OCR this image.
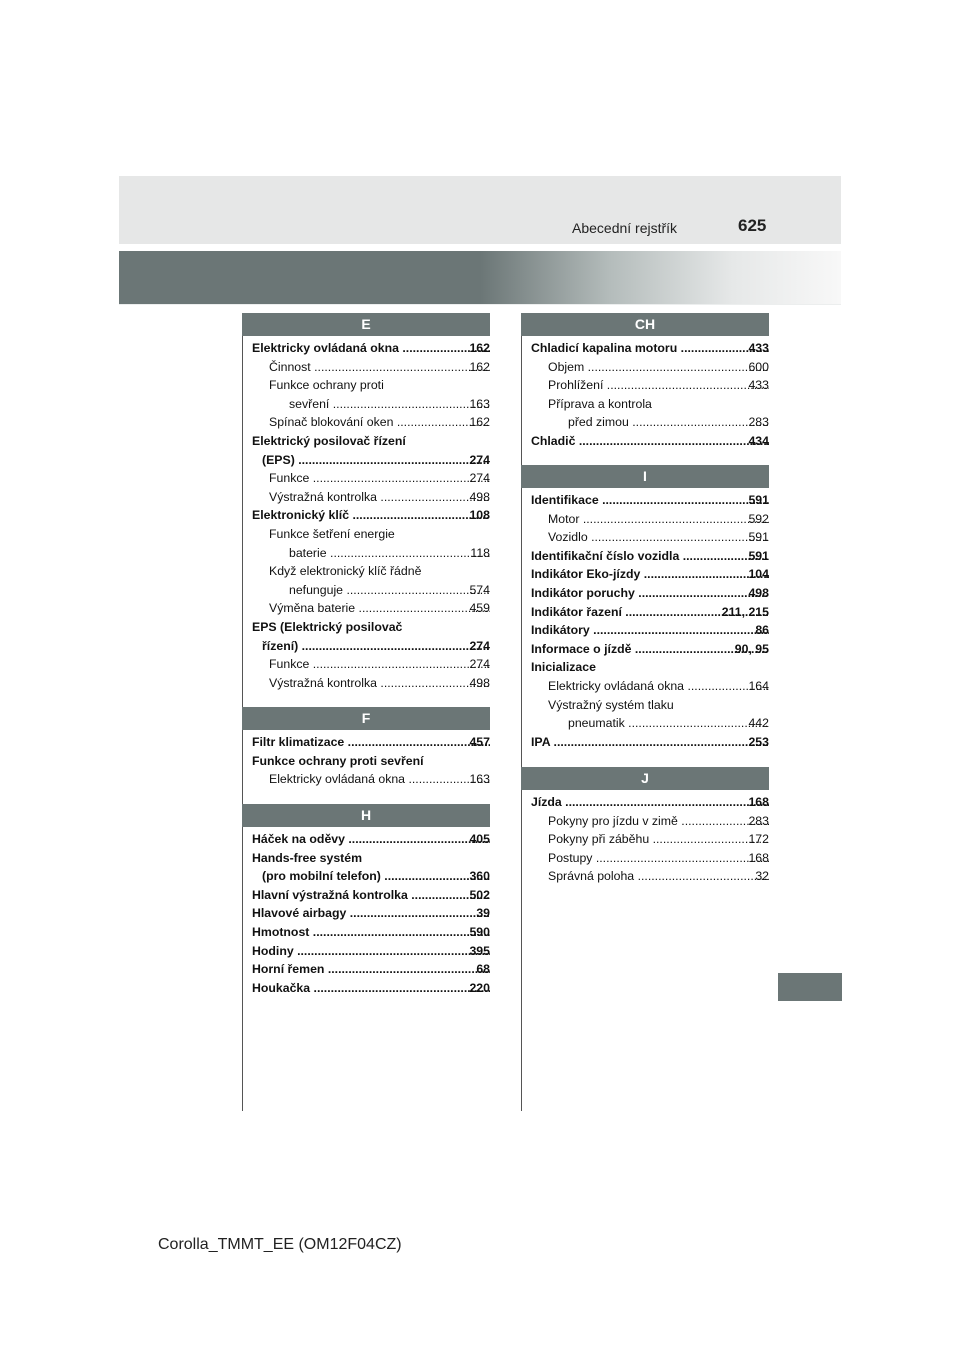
Abecední rejstřík	625
E
162
Elektricky ovládaná okna .....
162
Činnost .....
Funkce ochrany proti
163
sevření .....
162
Spínač blokování oken .....
Elektrický posilovač řízení
274
(EPS) .....
274
Funkce .....
498
Výstražná kontrolka .....
108
Elektronický klíč .....
Funkce šetření energie
118
baterie .....
Když elektronický klíč řádně
574
nefunguje .....
459
Výměna baterie .....
EPS (Elektrický posilovač
274
řízení) .....
274
Funkce .....
498
Výstražná kontrolka .....
F
457
Filtr klimatizace .....
Funkce ochrany proti sevření
163
Elektricky ovládaná okna .....
H
405
Háček na oděvy .....
Hands-free systém
360
(pro mobilní telefon) .....
502
Hlavní výstražná kontrolka .....
39
Hlavové airbagy .....
590
Hmotnost .....
395
Hodiny .....
68
Horní řemen .....
220
Houkačka .....
CH
433
Chladicí kapalina motoru .....
600
Objem .....
433
Prohlížení .....
Příprava a kontrola
283
před zimou .....
434
Chladič .....
I
591
Identifikace .....
592
Motor .....
591
Vozidlo .....
591
Identifikační číslo vozidla .....
104
Indikátor Eko-jízdy .....
498
Indikátor poruchy .....
211, 215
Indikátor řazení .....
86
Indikátory .....
90, 95
Informace o jízdě .....
Inicializace
164
Elektricky ovládaná okna .....
Výstražný systém tlaku
442
pneumatik .....
253
IPA .....
J
168
Jízda .....
283
Pokyny pro jízdu v zimě .....
172
Pokyny při záběhu .....
168
Postupy .....
32
Správná poloha .....
Corolla_TMMT_EE (OM12F04CZ)
